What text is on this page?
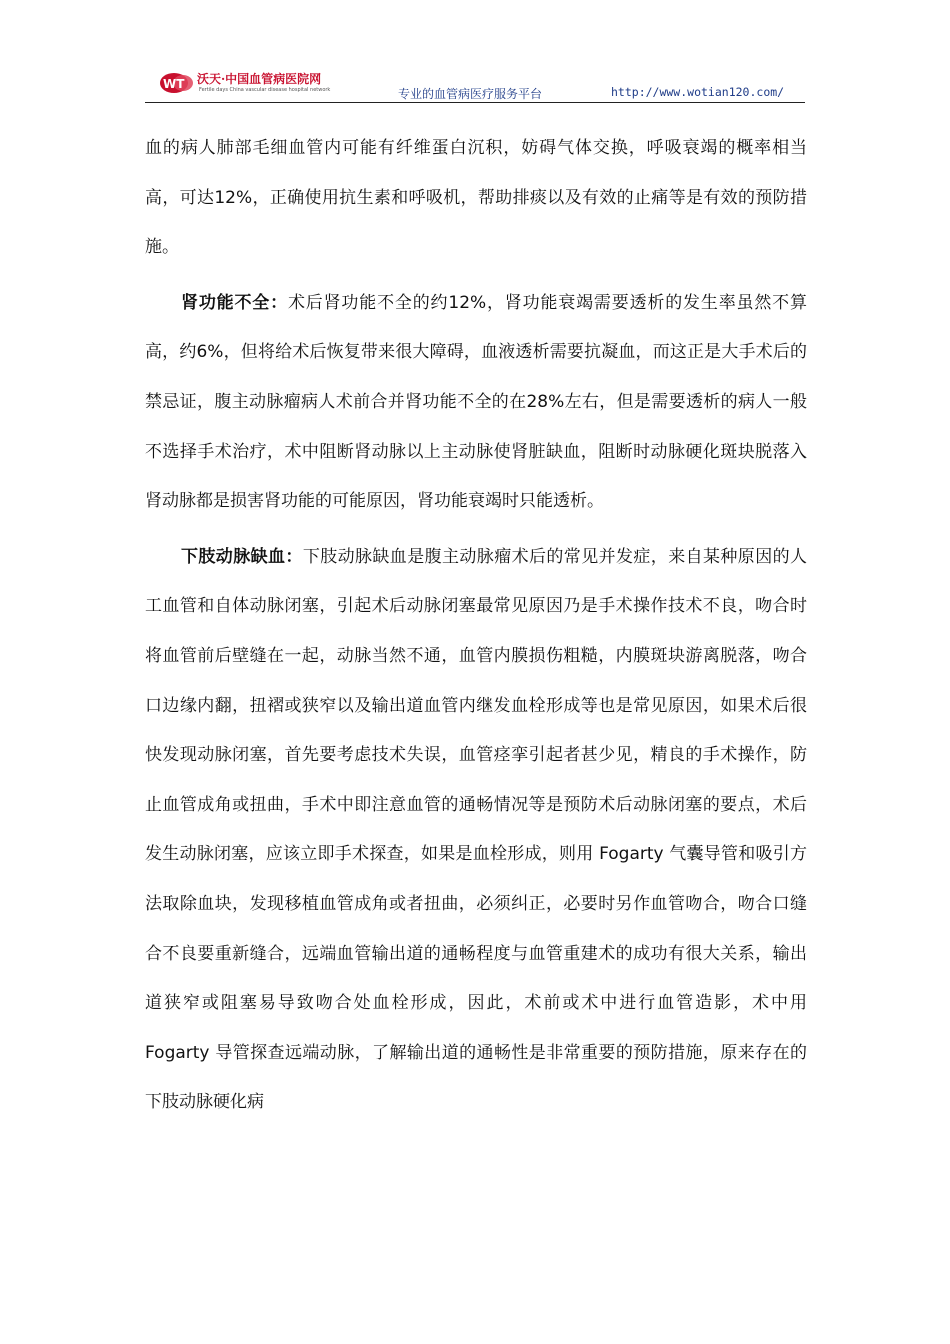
WT 沃天·中国血管病医院网
Fertile days China vascular disease hospital network	专业的血管病医疗服务平台	http://www.wotian120.com/

血的病人肺部毛细血管内可能有纤维蛋白沉积，妨碍气体交换，呼吸衰竭的概率相当高，可达12%，正确使用抗生素和呼吸机，帮助排痰以及有效的止痛等是有效的预防措施。

肾功能不全：术后肾功能不全的约12%，肾功能衰竭需要透析的发生率虽然不算高，约6%，但将给术后恢复带来很大障碍，血液透析需要抗凝血，而这正是大手术后的禁忌证，腹主动脉瘤病人术前合并肾功能不全的在28%左右，但是需要透析的病人一般不选择手术治疗，术中阻断肾动脉以上主动脉使肾脏缺血，阻断时动脉硬化斑块脱落入肾动脉都是损害肾功能的可能原因，肾功能衰竭时只能透析。

下肢动脉缺血：下肢动脉缺血是腹主动脉瘤术后的常见并发症，来自某种原因的人工血管和自体动脉闭塞，引起术后动脉闭塞最常见原因乃是手术操作技术不良，吻合时将血管前后壁缝在一起，动脉当然不通，血管内膜损伤粗糙，内膜斑块游离脱落，吻合口边缘内翻，扭褶或狭窄以及输出道血管内继发血栓形成等也是常见原因，如果术后很快发现动脉闭塞，首先要考虑技术失误，血管痉挛引起者甚少见，精良的手术操作，防止血管成角或扭曲，手术中即注意血管的通畅情况等是预防术后动脉闭塞的要点，术后发生动脉闭塞，应该立即手术探查，如果是血栓形成，则用 Fogarty 气囊导管和吸引方法取除血块，发现移植血管成角或者扭曲，必须纠正，必要时另作血管吻合，吻合口缝合不良要重新缝合，远端血管输出道的通畅程度与血管重建术的成功有很大关系，输出道狭窄或阻塞易导致吻合处血栓形成，因此，术前或术中进行血管造影，术中用 Fogarty 导管探查远端动脉，了解输出道的通畅性是非常重要的预防措施，原来存在的下肢动脉硬化病
